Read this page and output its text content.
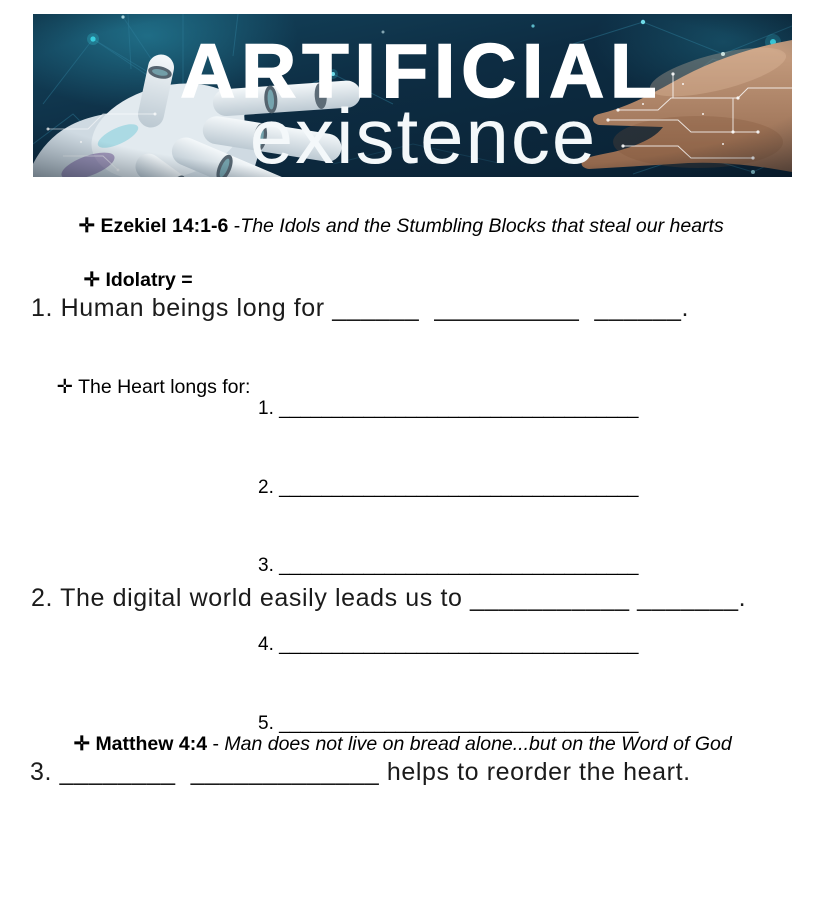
ARTIFICIAL
existence

✛ Ezekiel 14:1-6 -The Idols and the Stumbling Blocks that steal our hearts

✛ Idolatry =

1. Human beings long for ______  __________  ______.

✛ The Heart longs for:

1. __________________________________

2. __________________________________

3. __________________________________

4. __________________________________

5. __________________________________

2. The digital world easily leads us to ___________ _______.

✛ Matthew 4:4 - Man does not live on bread alone...but on the Word of God

3. ________  _____________ helps to reorder the heart.
